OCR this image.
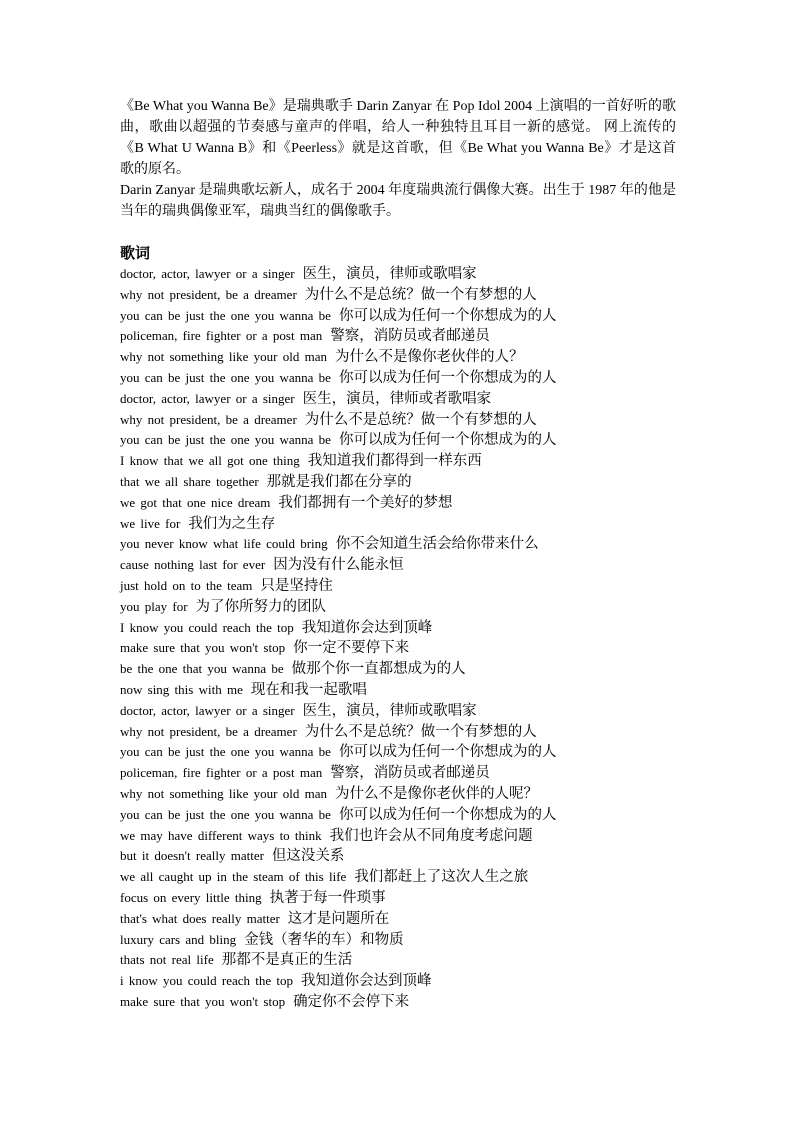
《Be What you Wanna Be》是瑞典歌手 Darin Zanyar 在 Pop Idol 2004 上演唱的一首好听的歌曲，歌曲以超强的节奏感与童声的伴唱，给人一种独特且耳目一新的感觉。 网上流传的《B What U Wanna B》和《Peerless》就是这首歌，但《Be What you Wanna Be》才是这首歌的原名。

Darin Zanyar 是瑞典歌坛新人，成名于 2004 年度瑞典流行偶像大赛。出生于 1987 年的他是当年的瑞典偶像亚军，瑞典当红的偶像歌手。

歌词
doctor, actor, lawyer or a singer 医生，演员，律师或歌唱家
why not president, be a dreamer 为什么不是总统？做一个有梦想的人
you can be just the one you wanna be 你可以成为任何一个你想成为的人
policeman, fire fighter or a post man 警察，消防员或者邮递员
why not something like your old man 为什么不是像你老伙伴的人？
you can be just the one you wanna be 你可以成为任何一个你想成为的人
doctor, actor, lawyer or a singer 医生，演员，律师或者歌唱家
why not president, be a dreamer 为什么不是总统？做一个有梦想的人
you can be just the one you wanna be 你可以成为任何一个你想成为的人
I know that we all got one thing 我知道我们都得到一样东西
that we all share together 那就是我们都在分享的
we got that one nice dream 我们都拥有一个美好的梦想
we live for 我们为之生存
you never know what life could bring 你不会知道生活会给你带来什么
cause nothing last for ever 因为没有什么能永恒
just hold on to the team 只是坚持住
you play for 为了你所努力的团队
I know you could reach the top 我知道你会达到顶峰
make sure that you won't stop 你一定不要停下来
be the one that you wanna be 做那个你一直都想成为的人
now sing this with me 现在和我一起歌唱
doctor, actor, lawyer or a singer 医生，演员，律师或歌唱家
why not president, be a dreamer 为什么不是总统？做一个有梦想的人
you can be just the one you wanna be 你可以成为任何一个你想成为的人
policeman, fire fighter or a post man 警察，消防员或者邮递员
why not something like your old man 为什么不是像你老伙伴的人呢？
you can be just the one you wanna be 你可以成为任何一个你想成为的人
we may have different ways to think 我们也许会从不同角度考虑问题
but it doesn't really matter 但这没关系
we all caught up in the steam of this life 我们都赶上了这次人生之旅
focus on every little thing 执著于每一件琐事
that's what does really matter 这才是问题所在
luxury cars and bling 金钱（奢华的车）和物质
thats not real life 那都不是真正的生活
i know you could reach the top 我知道你会达到顶峰
make sure that you won't stop 确定你不会停下来
